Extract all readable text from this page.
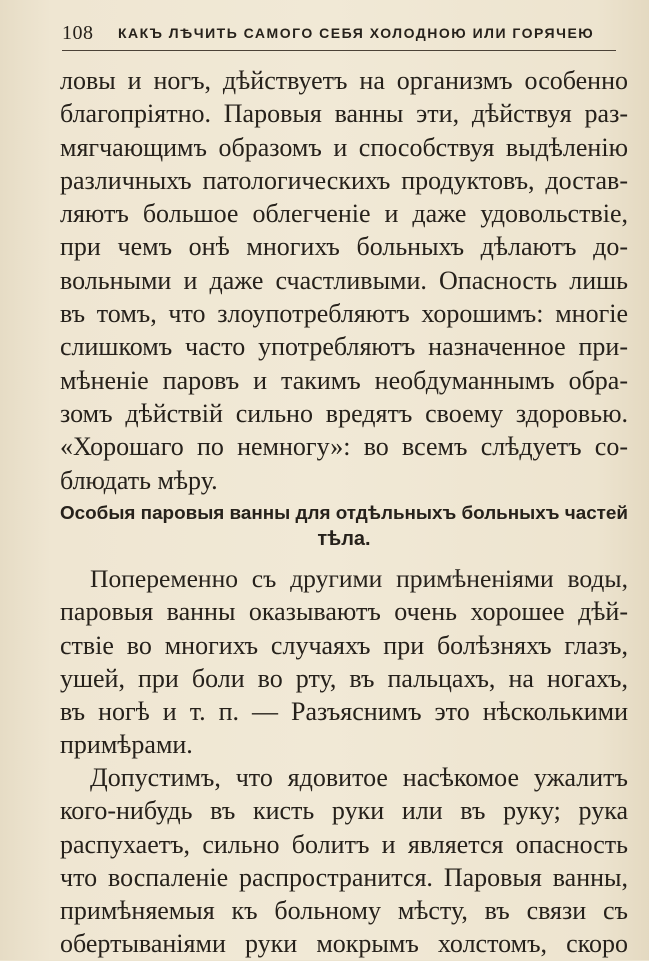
108 КАКЪ ЛѢЧИТЬ САМОГО СЕБЯ ХОЛОДНОЮ ИЛИ ГОРЯЧЕЮ
ловы и ногъ, дѣйствуетъ на организмъ особенно
благопріятно. Паровыя ванны эти, дѣйствуя раз-
мягчающимъ образомъ и способствуя выдѣленію
различныхъ патологическихъ продуктовъ, достав-
ляютъ большое облегченіе и даже удовольствіе,
при чемъ онѣ многихъ больныхъ дѣлаютъ до-
вольными и даже счастливыми. Опасность лишь
въ томъ, что злоупотребляютъ хорошимъ: многіе
слишкомъ часто употребляютъ назначенное при-
мѣненіе паровъ и такимъ необдуманнымъ обра-
зомъ дѣйствій сильно вредятъ своему здоровью.
«Хорошаго по немногу»: во всемъ слѣдуетъ со-
блюдать мѣру.
Особыя паровыя ванны для отдѣльныхъ больныхъ частей
тѣла.
Попеременно съ другими примѣненіями воды,
паровыя ванны оказываютъ очень хорошее дѣй-
ствіе во многихъ случаяхъ при болѣзняхъ глазъ,
ушей, при боли во рту, въ пальцахъ, на ногахъ,
въ ногѣ и т. п. — Разъяснимъ это нѣсколькими
примѣрами.
Допустимъ, что ядовитое насѣкомое ужалитъ
кого-нибудь въ кисть руки или въ руку; рука
распухаетъ, сильно болитъ и является опасность
что воспаленіе распространится. Паровыя ванны,
примѣняемыя къ больному мѣсту, въ связи съ
обертываніями руки мокрымъ холстомъ, скоро
